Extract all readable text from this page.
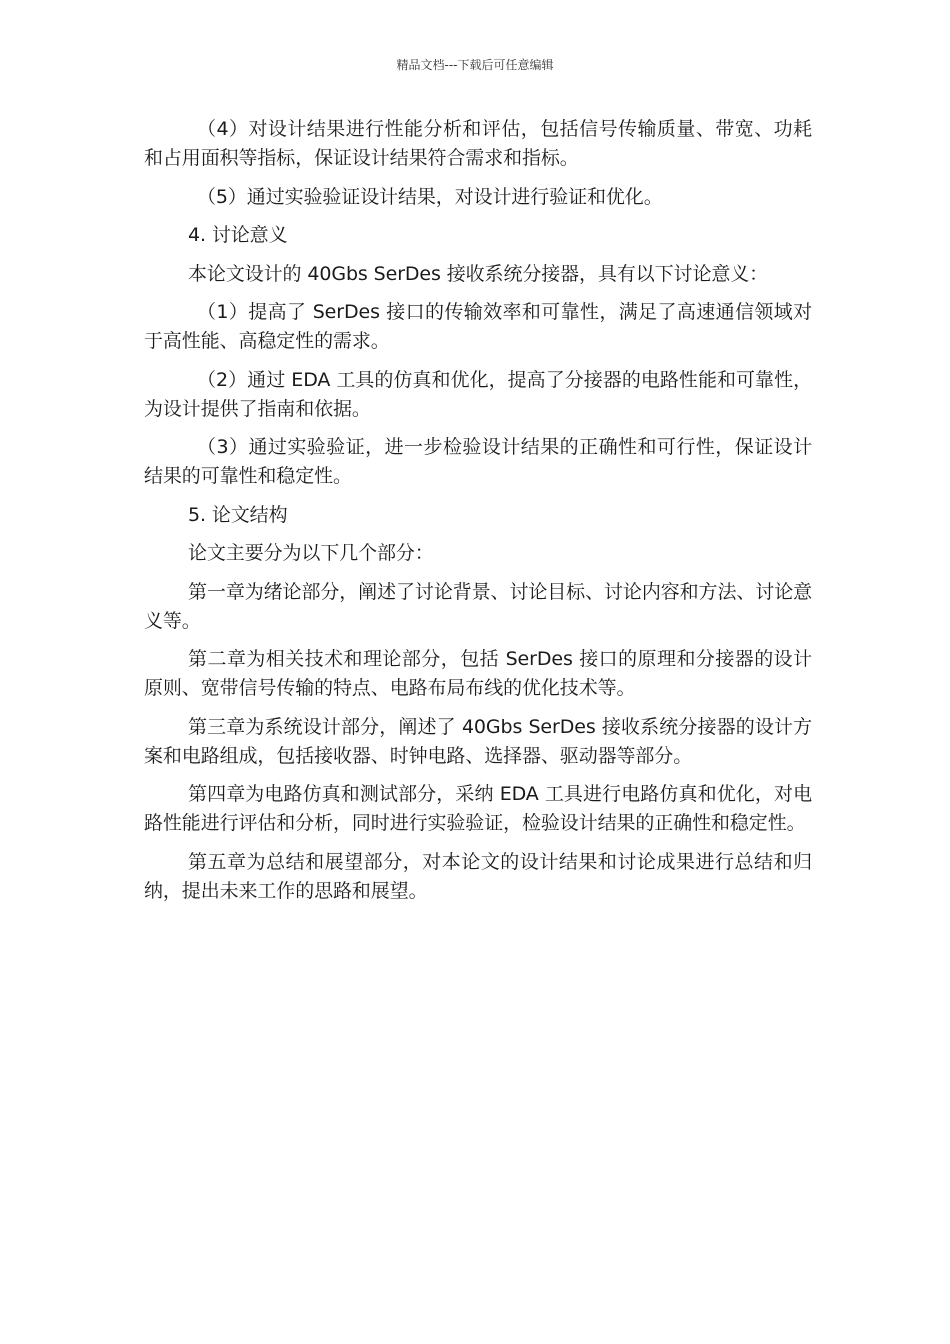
精品文档---下载后可任意编辑

（4）对设计结果进行性能分析和评估，包括信号传输质量、带宽、功耗和占用面积等指标，保证设计结果符合需求和指标。

（5）通过实验验证设计结果，对设计进行验证和优化。

4. 讨论意义

本论文设计的 40Gbs SerDes 接收系统分接器，具有以下讨论意义：

（1）提高了 SerDes 接口的传输效率和可靠性，满足了高速通信领域对于高性能、高稳定性的需求。

（2）通过 EDA 工具的仿真和优化，提高了分接器的电路性能和可靠性，为设计提供了指南和依据。

（3）通过实验验证，进一步检验设计结果的正确性和可行性，保证设计结果的可靠性和稳定性。

5. 论文结构

论文主要分为以下几个部分：

第一章为绪论部分，阐述了讨论背景、讨论目标、讨论内容和方法、讨论意义等。

第二章为相关技术和理论部分，包括 SerDes 接口的原理和分接器的设计原则、宽带信号传输的特点、电路布局布线的优化技术等。

第三章为系统设计部分，阐述了 40Gbs SerDes 接收系统分接器的设计方案和电路组成，包括接收器、时钟电路、选择器、驱动器等部分。

第四章为电路仿真和测试部分，采纳 EDA 工具进行电路仿真和优化，对电路性能进行评估和分析，同时进行实验验证，检验设计结果的正确性和稳定性。

第五章为总结和展望部分，对本论文的设计结果和讨论成果进行总结和归纳，提出未来工作的思路和展望。
